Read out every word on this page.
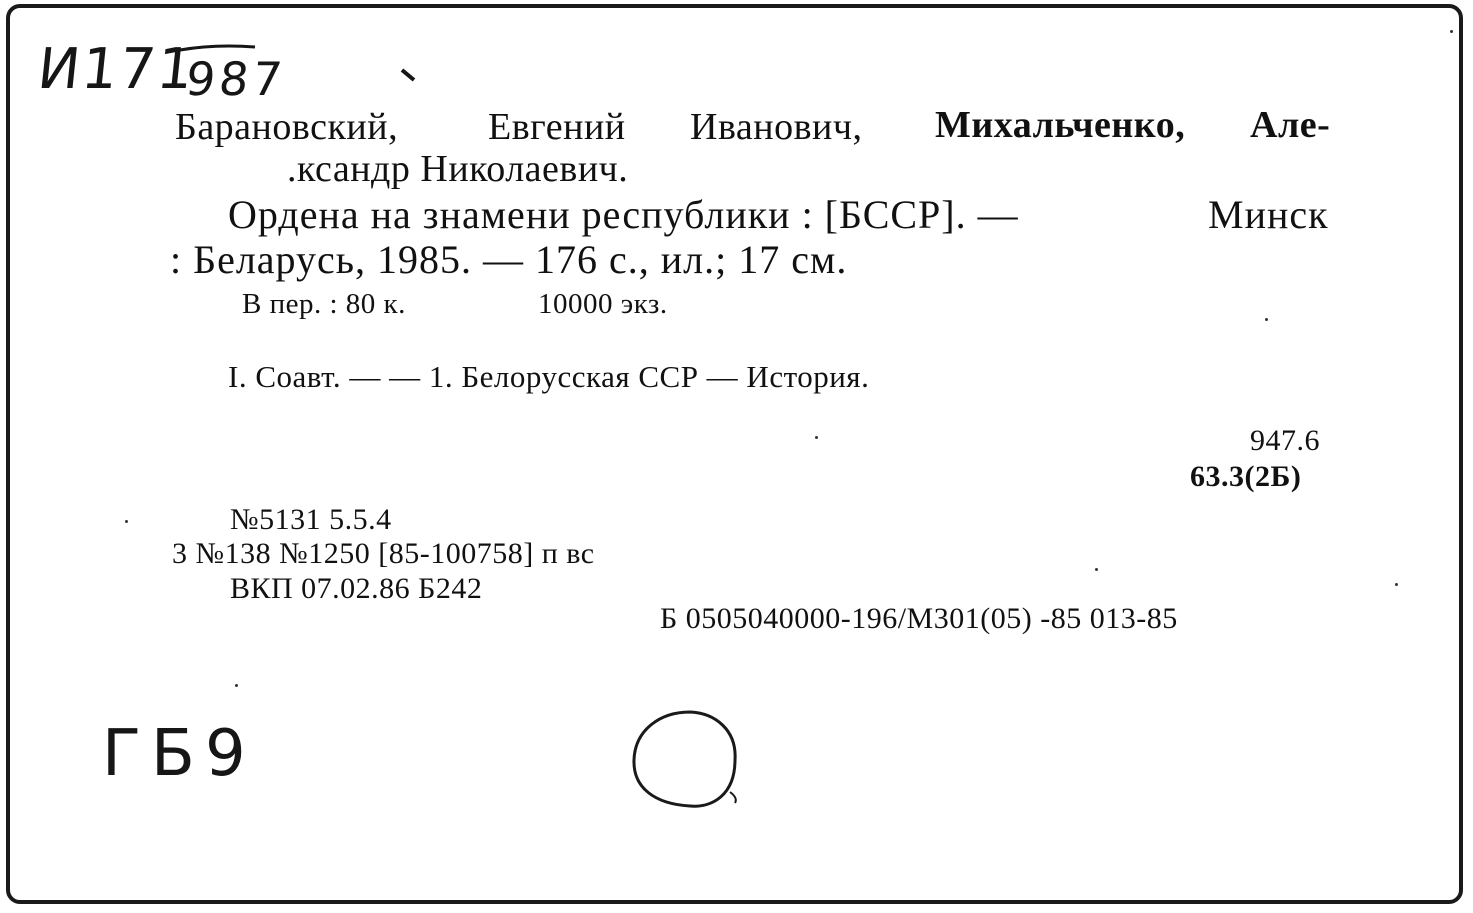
И171
987
Барановский, Евгений Иванович, Михальченко, Але-
.ксандр Николаевич.
Ордена на знамени республики : [БССР]. —	Минск
: Беларусь, 1985. — 176 с., ил.; 17 см.
В пер. : 80 к.	10000 экз.
I. Соавт. — — 1. Белорусская ССР — История.
947.6
63.3(2Б)
№5131 5.5.4
3 №138 №1250 [85-100758] п вс
ВКП 07.02.86 Б242
Б 0505040000-196/М301(05) -85 013-85
ГБ9
